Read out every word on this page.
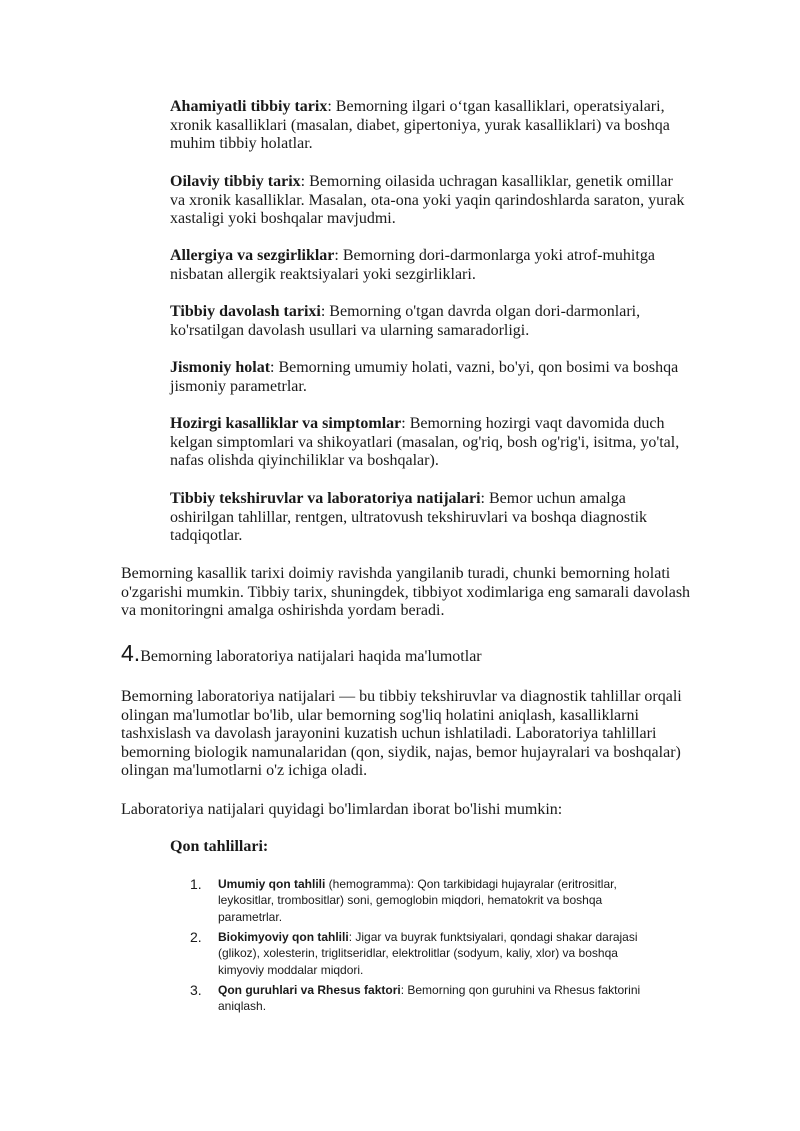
Ahamiyatli tibbiy tarix: Bemorning ilgari o‘tgan kasalliklari, operatsiyalari, xronik kasalliklari (masalan, diabet, gipertoniya, yurak kasalliklari) va boshqa muhim tibbiy holatlar.

Oilaviy tibbiy tarix: Bemorning oilasida uchragan kasalliklar, genetik omillar va xronik kasalliklar. Masalan, ota-ona yoki yaqin qarindoshlarda saraton, yurak xastaligi yoki boshqalar mavjudmi.

Allergiya va sezgirliklar: Bemorning dori-darmonlarga yoki atrof-muhitga nisbatan allergik reaktsiyalari yoki sezgirliklari.

Tibbiy davolash tarixi: Bemorning o'tgan davrda olgan dori-darmonlari, ko'rsatilgan davolash usullari va ularning samaradorligi.

Jismoniy holat: Bemorning umumiy holati, vazni, bo'yi, qon bosimi va boshqa jismoniy parametrlar.

Hozirgi kasalliklar va simptomlar: Bemorning hozirgi vaqt davomida duch kelgan simptomlari va shikoyatlari (masalan, og'riq, bosh og'rig'i, isitma, yo'tal, nafas olishda qiyinchiliklar va boshqalar).

Tibbiy tekshiruvlar va laboratoriya natijalari: Bemor uchun amalga oshirilgan tahlillar, rentgen, ultratovush tekshiruvlari va boshqa diagnostik tadqiqotlar.

Bemorning kasallik tarixi doimiy ravishda yangilanib turadi, chunki bemorning holati o'zgarishi mumkin. Tibbiy tarix, shuningdek, tibbiyot xodimlariga eng samarali davolash va monitoringni amalga oshirishda yordam beradi.

4.Bemorning laboratoriya natijalari haqida ma'lumotlar

Bemorning laboratoriya natijalari — bu tibbiy tekshiruvlar va diagnostik tahlillar orqali olingan ma'lumotlar bo'lib, ular bemorning sog'liq holatini aniqlash, kasalliklarni tashxislash va davolash jarayonini kuzatish uchun ishlatiladi. Laboratoriya tahlillari bemorning biologik namunalaridan (qon, siydik, najas, bemor hujayralari va boshqalar) olingan ma'lumotlarni o'z ichiga oladi.

Laboratoriya natijalari quyidagi bo'limlardan iborat bo'lishi mumkin:

Qon tahlillari:

1. Umumiy qon tahlili (hemogramma): Qon tarkibidagi hujayralar (eritrositlar, leykositlar, trombositlar) soni, gemoglobin miqdori, hematokrit va boshqa parametrlar.
2. Biokimyoviy qon tahlili: Jigar va buyrak funktsiyalari, qondagi shakar darajasi (glikoz), xolesterin, triglitseridlar, elektrolitlar (sodyum, kaliy, xlor) va boshqa kimyoviy moddalar miqdori.
3. Qon guruhlari va Rhesus faktori: Bemorning qon guruhini va Rhesus faktorini aniqlash.
